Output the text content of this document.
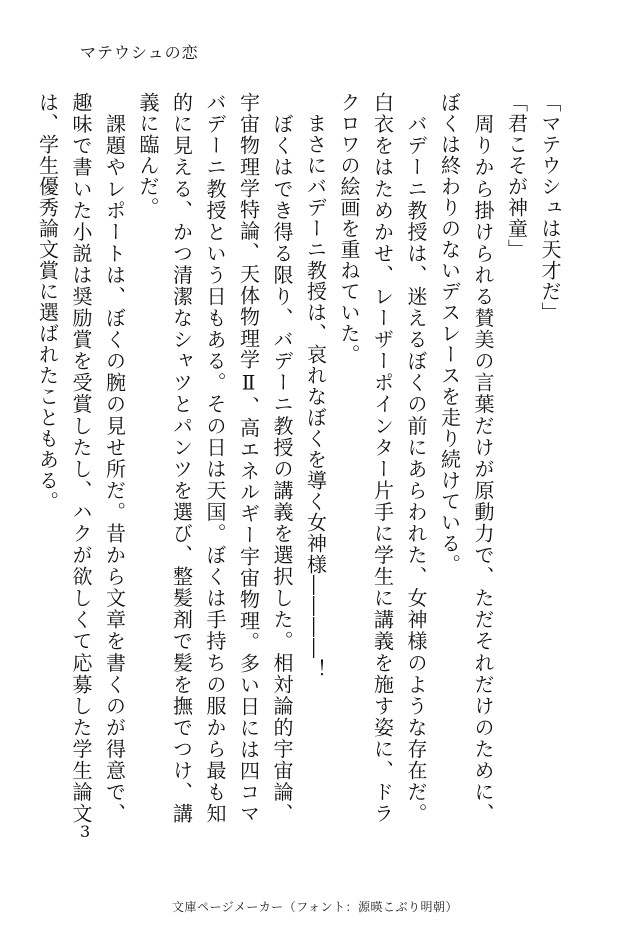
マテウシュの恋

「マテウシュは天才だ」

「君こそが神童」

　周りから掛けられる賛美の言葉だけが原動力で、ただそれだけのために、ぼくは終わりのないデスレースを走り続けている。

　バデーニ教授は、迷えるぼくの前にあらわれた、女神様のような存在だ。白衣をはためかせ、レーザーポインター片手に学生に講義を施す姿に、ドラクロワの絵画を重ねていた。

　まさにバデーニ教授は、哀れなぼくを導く女神様――――！

　ぼくはでき得る限り、バデーニ教授の講義を選択した。相対論的宇宙論、宇宙物理学特論、天体物理学Ⅱ、高エネルギー宇宙物理。多い日には四コマバデーニ教授という日もある。その日は天国。ぼくは手持ちの服から最も知的に見える、かつ清潔なシャツとパンツを選び、整髪剤で髪を撫でつけ、講義に臨んだ。

　課題やレポートは、ぼくの腕の見せ所だ。昔から文章を書くのが得意で、趣味で書いた小説は奨励賞を受賞したし、ハクが欲しくて応募した学生論文は、学生優秀論文賞に選ばれたこともある。

3
文庫ページメーカー（フォント：源暎こぶり明朝）
